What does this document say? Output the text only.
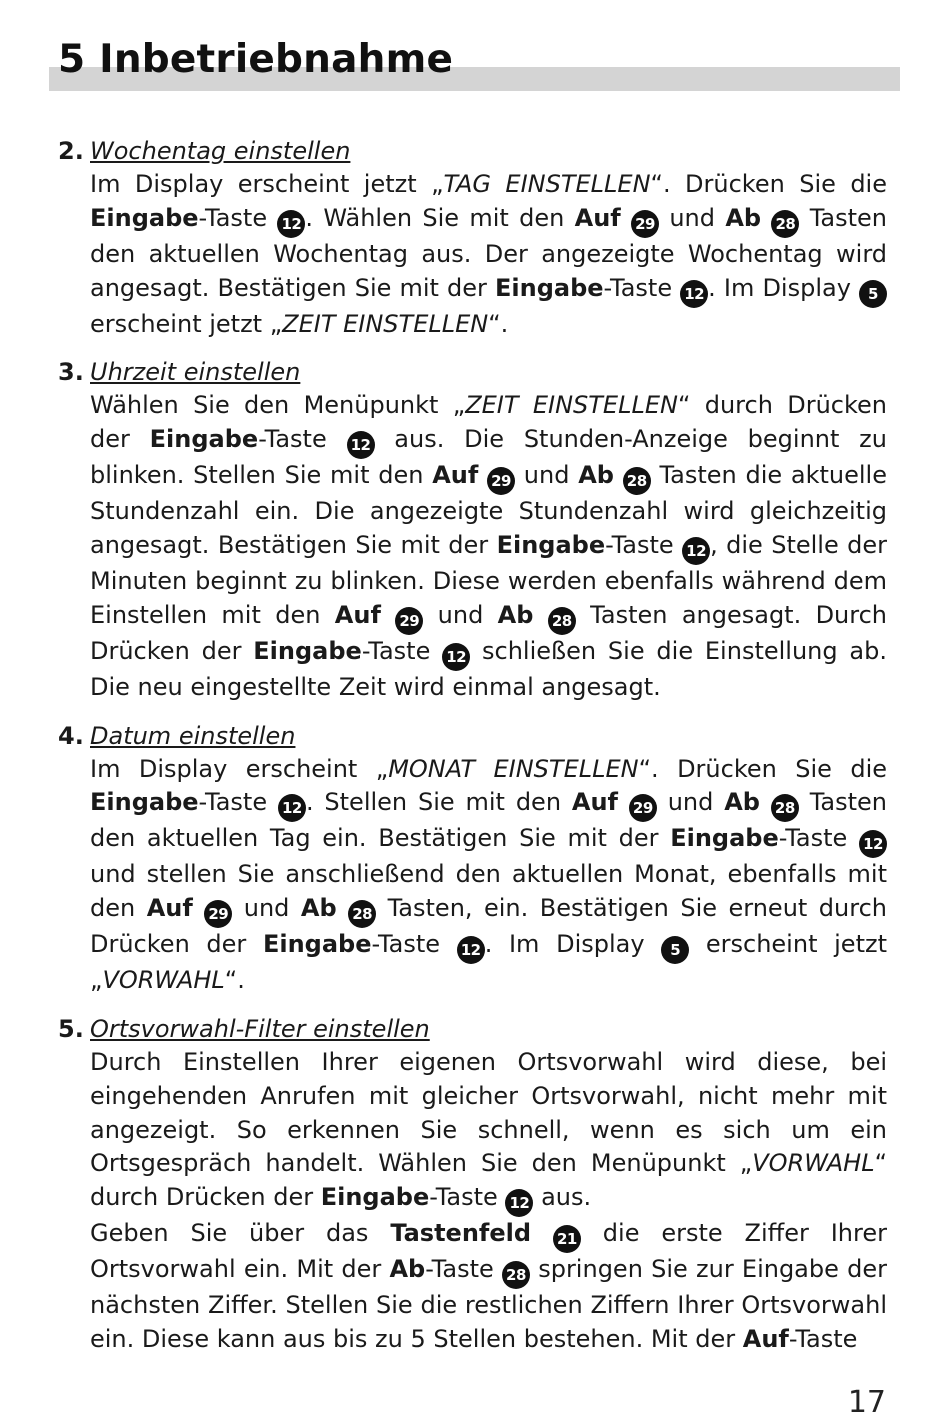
5 Inbetriebnahme
2. Wochentag einstellen

Im Display erscheint jetzt „TAG EINSTELLEN“. Drücken Sie die Eingabe-Taste 12 . Wählen Sie mit den Auf 29 und Ab 28 Tasten den aktuellen Wochentag aus. Der angezeigte Wochentag wird angesagt. Bestätigen Sie mit der Eingabe-Taste 12 . Im Display 5 erscheint jetzt „ZEIT EINSTELLEN“.

3. Uhrzeit einstellen

Wählen Sie den Menüpunkt „ZEIT EINSTELLEN“ durch Drücken der Eingabe-Taste 12 aus. Die Stunden-Anzeige beginnt zu blinken. Stellen Sie mit den Auf 29 und Ab 28 Tasten die aktuelle Stundenzahl ein. Die angezeigte Stundenzahl wird gleichzeitig angesagt. Bestätigen Sie mit der Eingabe-Taste 12 , die Stelle der Minuten beginnt zu blinken. Diese werden ebenfalls während dem Einstellen mit den Auf 29 und Ab 28 Tasten angesagt. Durch Drücken der Eingabe-Taste 12 schließen Sie die Einstellung ab. Die neu eingestellte Zeit wird einmal angesagt.

4. Datum einstellen

Im Display erscheint „MONAT EINSTELLEN“. Drücken Sie die Eingabe-Taste 12 . Stellen Sie mit den Auf 29 und Ab 28 Tasten den aktuellen Tag ein. Bestätigen Sie mit der Eingabe-Taste 12 und stellen Sie anschließend den aktuellen Monat, ebenfalls mit den Auf 29 und Ab 28 Tasten, ein. Bestätigen Sie erneut durch Drücken der Eingabe-Taste 12 . Im Display 5 erscheint jetzt „VORWAHL“.

5. Ortsvorwahl-Filter einstellen

Durch Einstellen Ihrer eigenen Ortsvorwahl wird diese, bei eingehenden Anrufen mit gleicher Ortsvorwahl, nicht mehr mit angezeigt. So erkennen Sie schnell, wenn es sich um ein Ortsgespräch handelt. Wählen Sie den Menüpunkt „VORWAHL“ durch Drücken der Eingabe-Taste 12 aus.

Geben Sie über das Tastenfeld 21 die erste Ziffer Ihrer Ortsvorwahl ein. Mit der Ab-Taste 28 springen Sie zur Eingabe der nächsten Ziffer. Stellen Sie die restlichen Ziffern Ihrer Ortsvorwahl ein. Diese kann aus bis zu 5 Stellen bestehen. Mit der Auf-Taste

17
